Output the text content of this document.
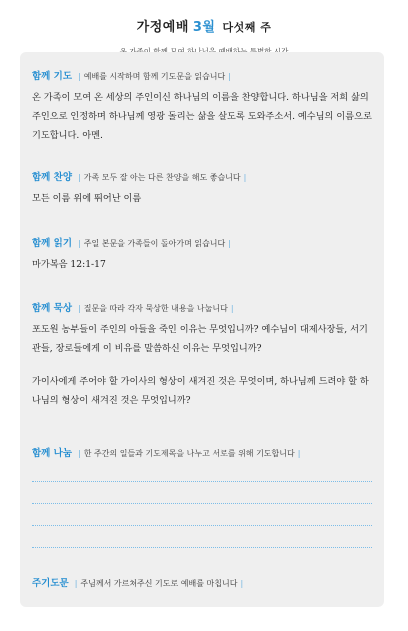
가정예배 3월 다섯째 주
함께 기도 | 예배를 시작하며 함께 기도문을 읽습니다 |
온 가족이 모여 온 세상의 주인이신 하나님의 이름을 찬양합니다. 하나님을 저희 삶의 주인으로 인정하며 하나님께 영광 돌리는 삶을 살도록 도와주소서. 예수님의 이름으로 기도합니다. 아멘.
함께 찬양 | 가족 모두 잘 아는 다른 찬양을 해도 좋습니다 |
모든 이름 위에 뛰어난 이름
함께 읽기 | 주일 본문을 가족들이 돌아가며 읽습니다 |
마가복음 12:1-17
함께 묵상 | 질문을 따라 각자 묵상한 내용을 나눕니다 |
포도원 농부들이 주인의 아들을 죽인 이유는 무엇입니까? 예수님이 대제사장들, 서기관들, 장로들에게 이 비유를 말씀하신 이유는 무엇입니까?
가이사에게 주어야 할 가이사의 형상이 새겨진 것은 무엇이며, 하나님께 드려야 할 하나님의 형상이 새겨진 것은 무엇입니까?
함께 나눔 | 한 주간의 일들과 기도제목을 나누고 서로를 위해 기도합니다 |
주기도문 | 주님께서 가르쳐주신 기도로 예배를 마칩니다 |
